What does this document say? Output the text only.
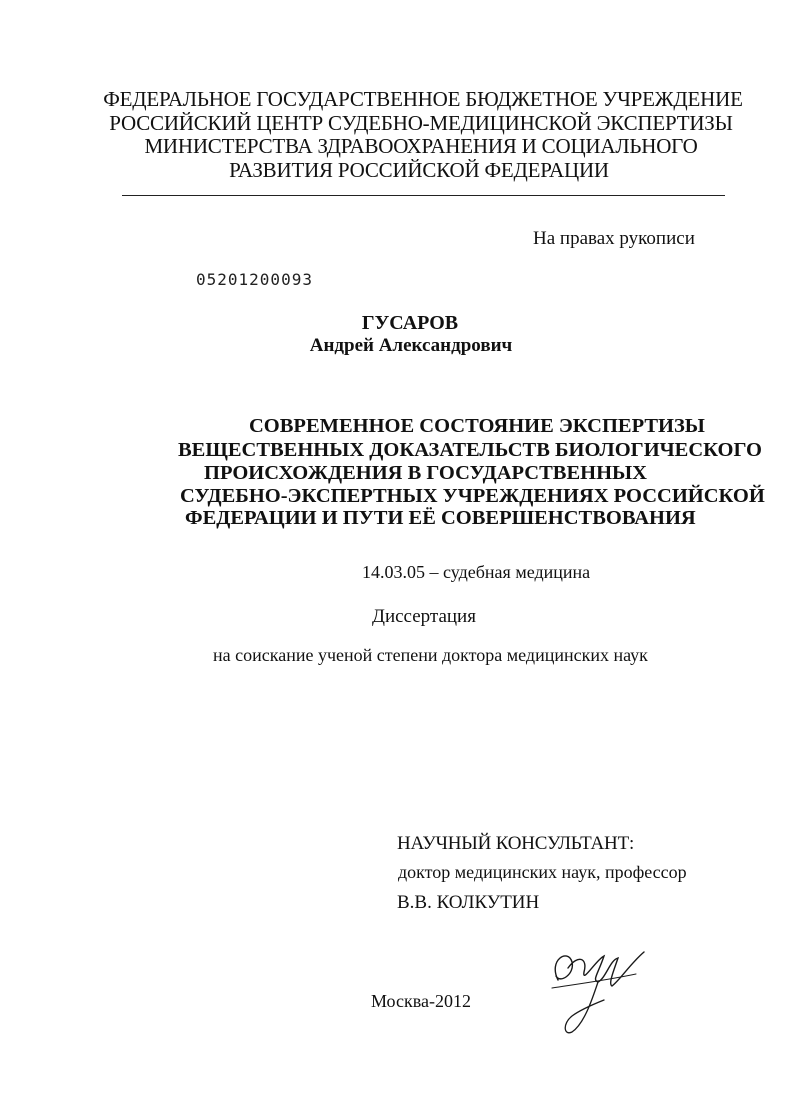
ФЕДЕРАЛЬНОЕ ГОСУДАРСТВЕННОЕ БЮДЖЕТНОЕ УЧРЕЖДЕНИЕ
РОССИЙСКИЙ ЦЕНТР СУДЕБНО-МЕДИЦИНСКОЙ ЭКСПЕРТИЗЫ
МИНИСТЕРСТВА ЗДРАВООХРАНЕНИЯ И СОЦИАЛЬНОГО
РАЗВИТИЯ РОССИЙСКОЙ ФЕДЕРАЦИИ
На правах рукописи
05201200093
ГУСАРОВ
Андрей Александрович
СОВРЕМЕННОЕ СОСТОЯНИЕ ЭКСПЕРТИЗЫ
ВЕЩЕСТВЕННЫХ ДОКАЗАТЕЛЬСТВ БИОЛОГИЧЕСКОГО
ПРОИСХОЖДЕНИЯ В ГОСУДАРСТВЕННЫХ
СУДЕБНО-ЭКСПЕРТНЫХ УЧРЕЖДЕНИЯХ РОССИЙСКОЙ
ФЕДЕРАЦИИ И ПУТИ ЕЁ СОВЕРШЕНСТВОВАНИЯ
14.03.05 – судебная медицина
Диссертация
на соискание ученой степени доктора медицинских наук
НАУЧНЫЙ КОНСУЛЬТАНТ:
доктор медицинских наук, профессор
В.В. КОЛКУТИН
Москва-2012
